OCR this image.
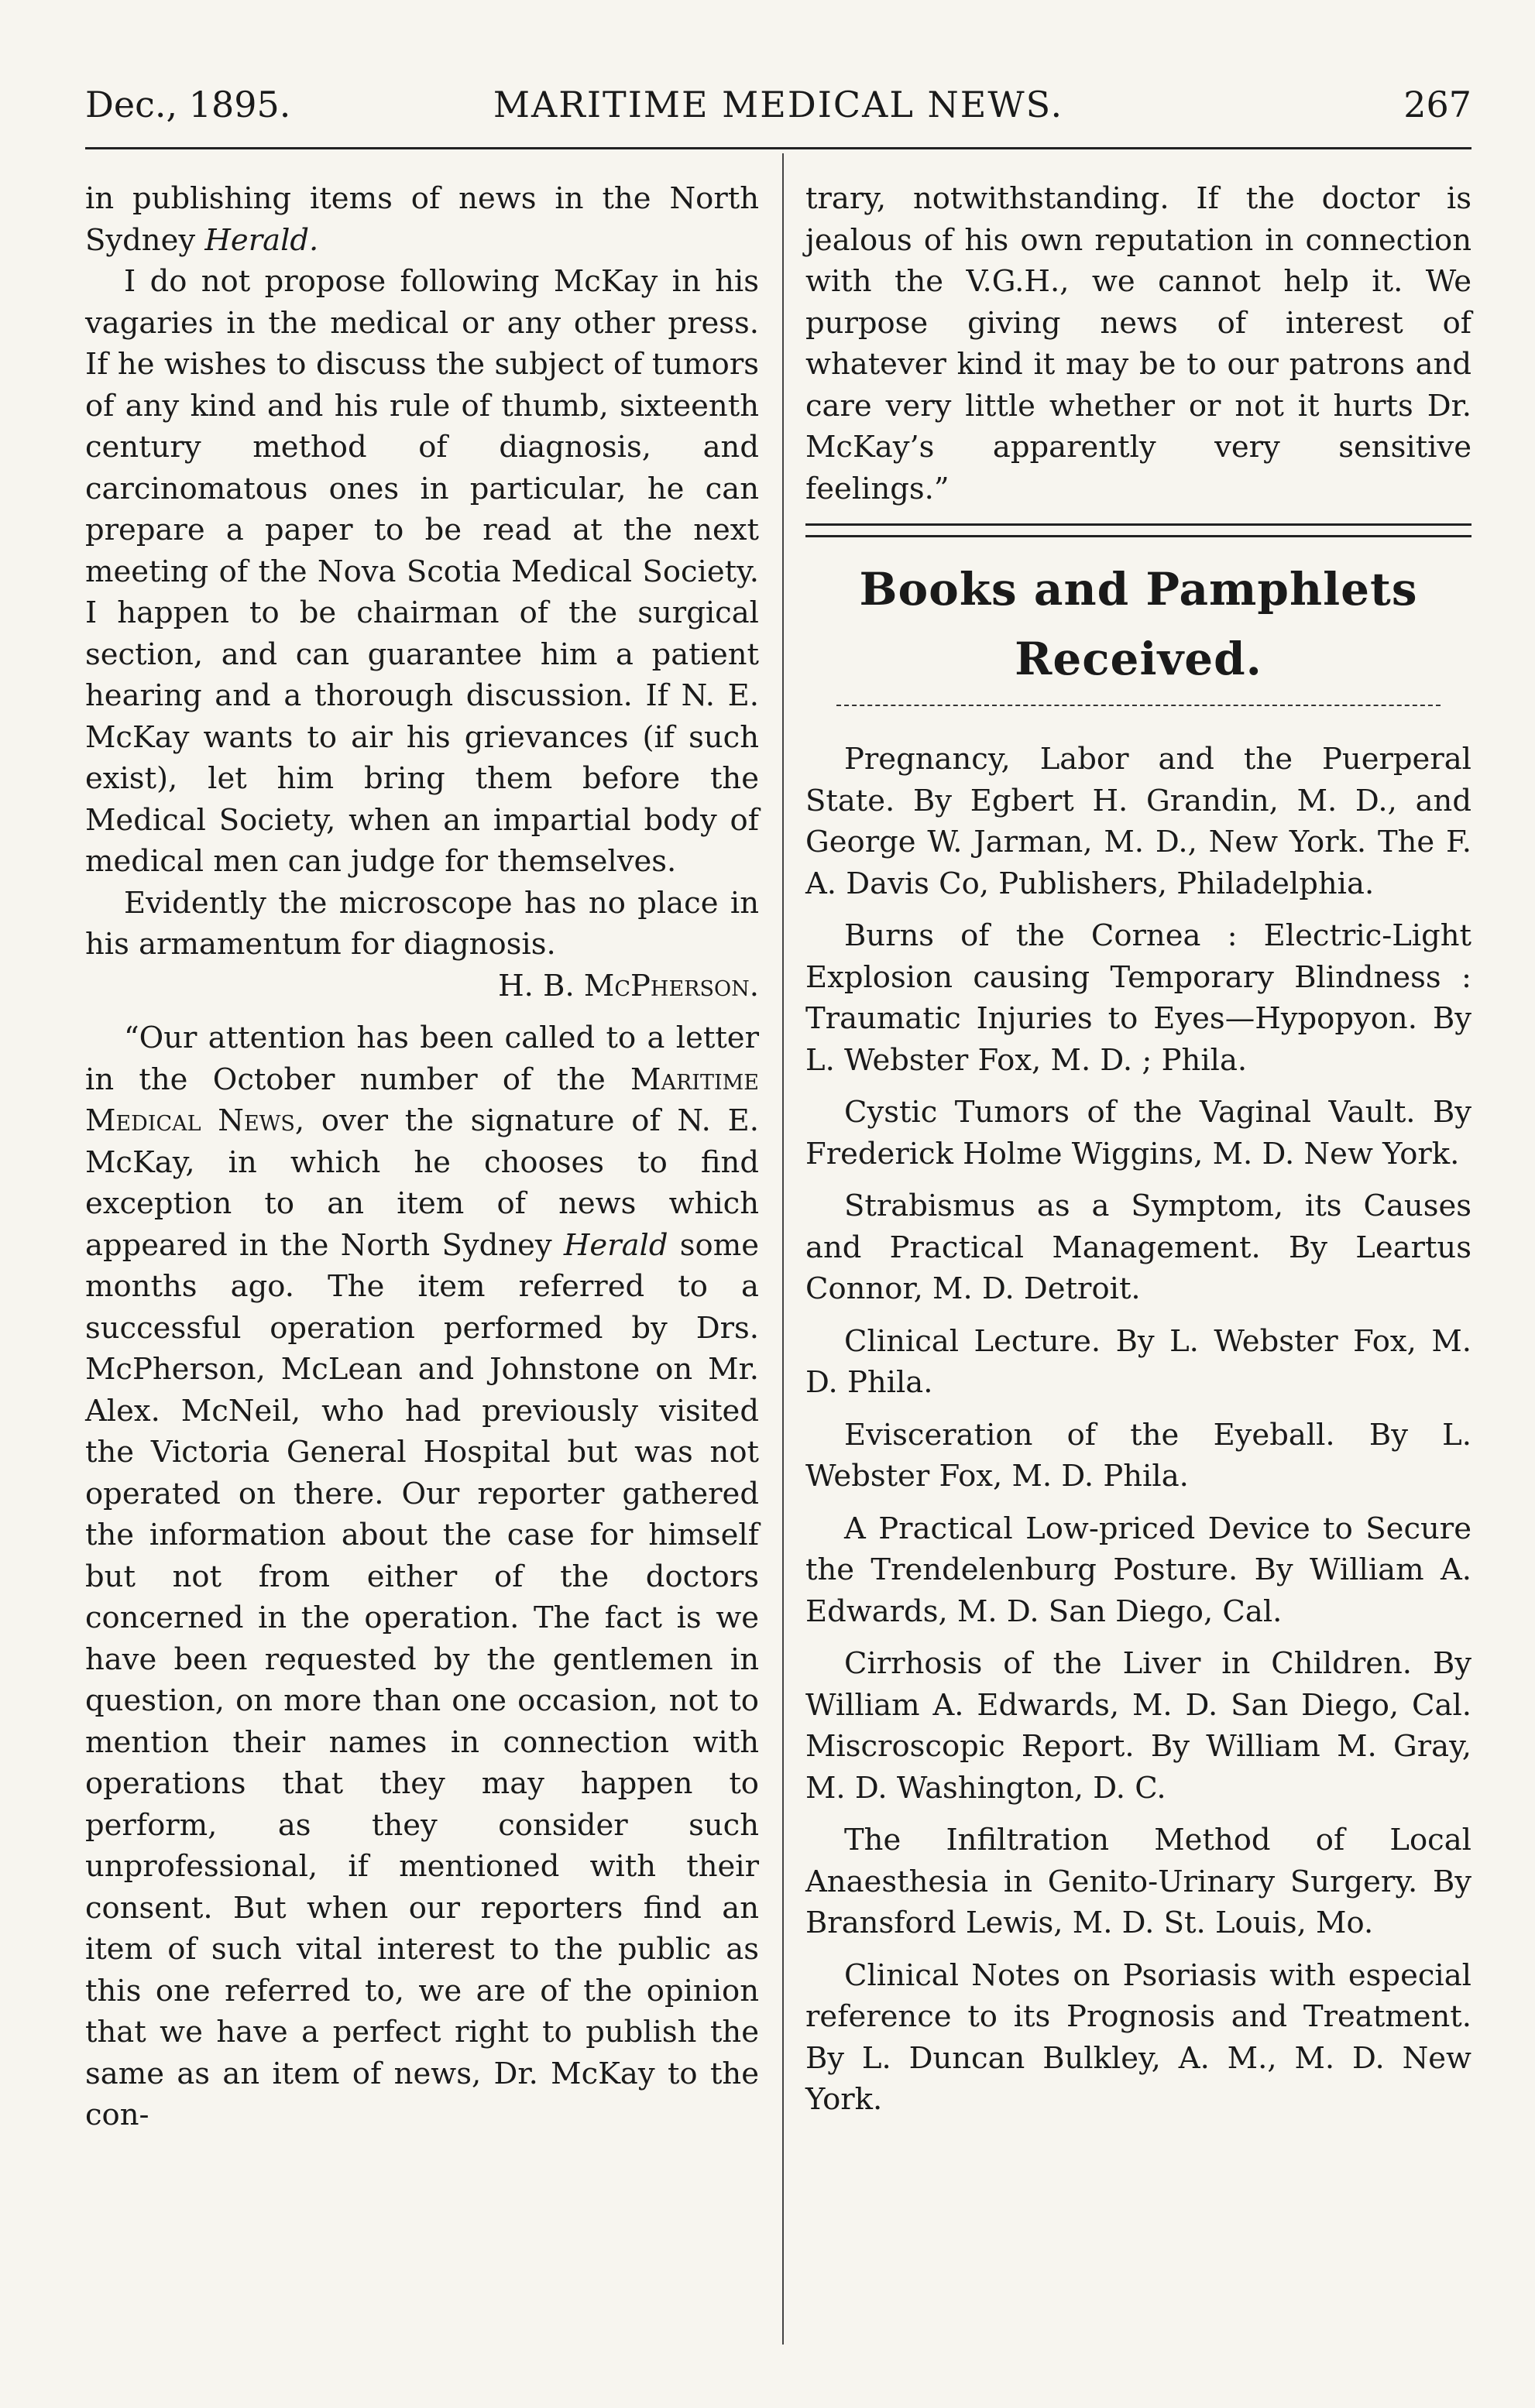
Dec., 1895.	MARITIME MEDICAL NEWS.	267

in publishing items of news in the North Sydney Herald.

I do not propose following McKay in his vagaries in the medical or any other press. If he wishes to discuss the subject of tumors of any kind and his rule of thumb, sixteenth century method of diagnosis, and carcinomatous ones in particular, he can prepare a paper to be read at the next meeting of the Nova Scotia Medical Society. I happen to be chairman of the surgical section, and can guarantee him a patient hearing and a thorough discussion. If N. E. McKay wants to air his grievances (if such exist), let him bring them before the Medical Society, when an impartial body of medical men can judge for themselves.

Evidently the microscope has no place in his armamentum for diagnosis.

H. B. McPherson.

“Our attention has been called to a letter in the October number of the Maritime Medical News, over the signature of N. E. McKay, in which he chooses to find exception to an item of news which appeared in the North Sydney Herald some months ago. The item referred to a successful operation performed by Drs. McPherson, McLean and Johnstone on Mr. Alex. McNeil, who had previously visited the Victoria General Hospital but was not operated on there. Our reporter gathered the information about the case for himself but not from either of the doctors concerned in the operation. The fact is we have been requested by the gentlemen in question, on more than one occasion, not to mention their names in connection with operations that they may happen to perform, as they consider such unprofessional, if mentioned with their consent. But when our reporters find an item of such vital interest to the public as this one referred to, we are of the opinion that we have a perfect right to publish the same as an item of news, Dr. McKay to the con-

trary, notwithstanding. If the doctor is jealous of his own reputation in connection with the V.G.H., we cannot help it. We purpose giving news of interest of whatever kind it may be to our patrons and care very little whether or not it hurts Dr. McKay’s apparently very sensitive feelings.”

Books and Pamphlets Received.

Pregnancy, Labor and the Puerperal State. By Egbert H. Grandin, M. D., and George W. Jarman, M. D., New York. The F. A. Davis Co, Publishers, Philadelphia.

Burns of the Cornea : Electric-Light Explosion causing Temporary Blindness : Traumatic Injuries to Eyes—Hypopyon. By L. Webster Fox, M. D. ; Phila.

Cystic Tumors of the Vaginal Vault. By Frederick Holme Wiggins, M. D. New York.

Strabismus as a Symptom, its Causes and Practical Management. By Leartus Connor, M. D. Detroit.

Clinical Lecture. By L. Webster Fox, M. D. Phila.

Evisceration of the Eyeball. By L. Webster Fox, M. D. Phila.

A Practical Low-priced Device to Secure the Trendelenburg Posture. By William A. Edwards, M. D. San Diego, Cal.

Cirrhosis of the Liver in Children. By William A. Edwards, M. D. San Diego, Cal. Miscroscopic Report. By William M. Gray, M. D. Washington, D. C.

The Infiltration Method of Local Anaesthesia in Genito-Urinary Surgery. By Bransford Lewis, M. D. St. Louis, Mo.

Clinical Notes on Psoriasis with especial reference to its Prognosis and Treatment. By L. Duncan Bulkley, A. M., M. D. New York.
